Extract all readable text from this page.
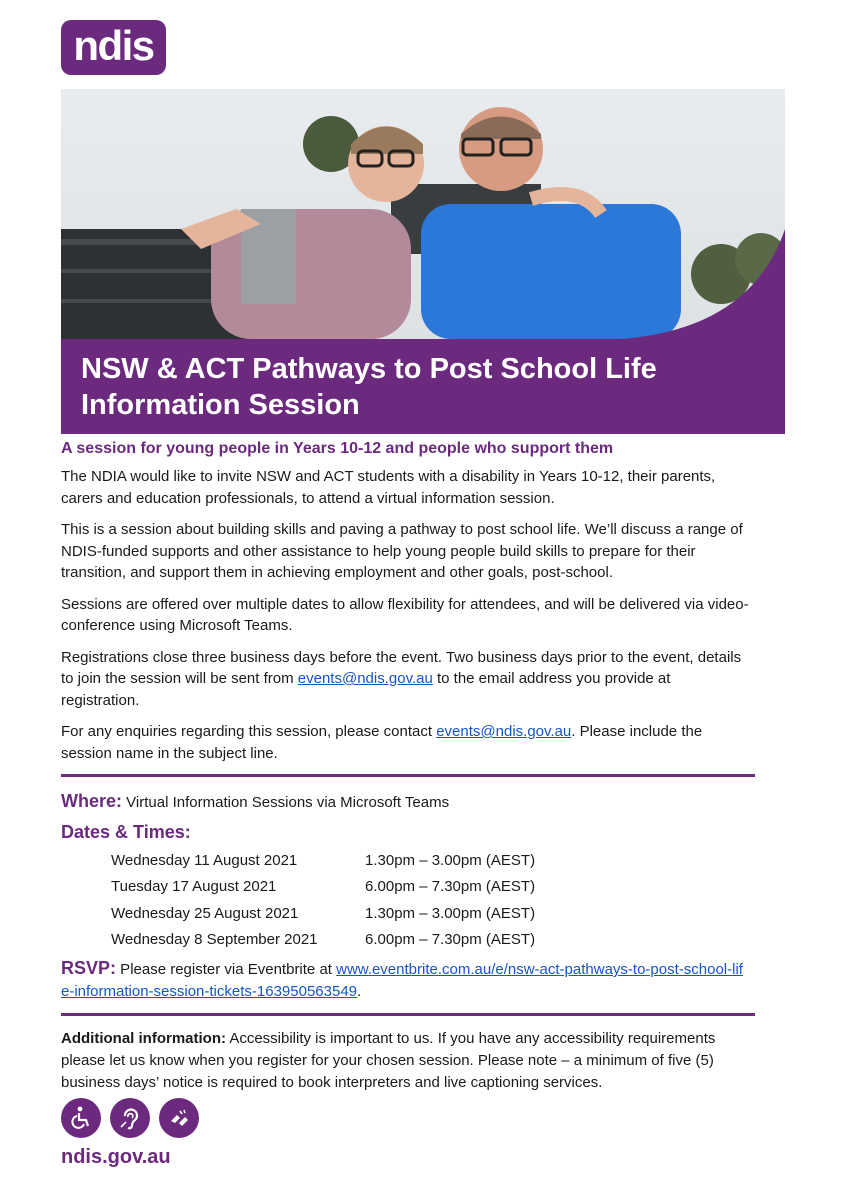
ndis
NSW & ACT Pathways to Post School Life Information Session
A session for young people in Years 10-12 and people who support them

The NDIA would like to invite NSW and ACT students with a disability in Years 10-12, their parents, carers and education professionals, to attend a virtual information session.

This is a session about building skills and paving a pathway to post school life. We’ll discuss a range of NDIS-funded supports and other assistance to help young people build skills to prepare for their transition, and support them in achieving employment and other goals, post-school.

Sessions are offered over multiple dates to allow flexibility for attendees, and will be delivered via video-conference using Microsoft Teams.

Registrations close three business days before the event. Two business days prior to the event, details to join the session will be sent from events@ndis.gov.au to the email address you provide at registration.

For any enquiries regarding this session, please contact events@ndis.gov.au. Please include the session name in the subject line.

Where: Virtual Information Sessions via Microsoft Teams
Dates & Times:
Wednesday 11 August 2021	1.30pm – 3.00pm (AEST)
Tuesday 17 August 2021	6.00pm – 7.30pm (AEST)
Wednesday 25 August 2021	1.30pm – 3.00pm (AEST)
Wednesday 8 September 2021	6.00pm – 7.30pm (AEST)
RSVP: Please register via Eventbrite at www.eventbrite.com.au/e/nsw-act-pathways-to-post-school-life-information-session-tickets-163950563549.
Additional information: Accessibility is important to us. If you have any accessibility requirements please let us know when you register for your chosen session. Please note – a minimum of five (5) business days’ notice is required to book interpreters and live captioning services.
ndis.gov.au
